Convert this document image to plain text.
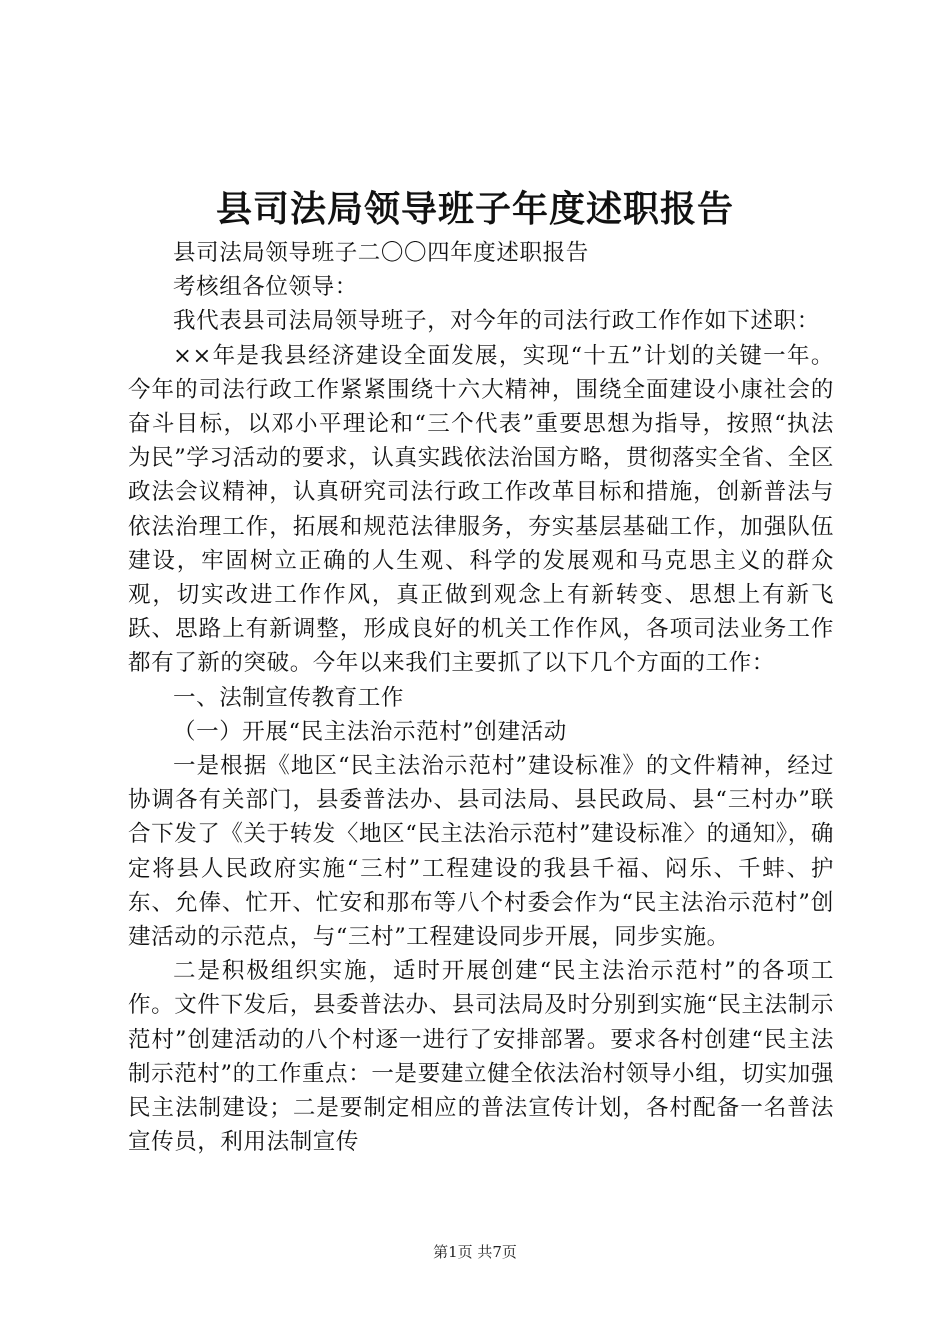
县司法局领导班子年度述职报告

县司法局领导班子二〇〇四年度述职报告

考核组各位领导：

我代表县司法局领导班子，对今年的司法行政工作作如下述职：

××年是我县经济建设全面发展，实现“十五”计划的关键一年。今年的司法行政工作紧紧围绕十六大精神，围绕全面建设小康社会的奋斗目标，以邓小平理论和“三个代表”重要思想为指导，按照“执法为民”学习活动的要求，认真实践依法治国方略，贯彻落实全省、全区政法会议精神，认真研究司法行政工作改革目标和措施，创新普法与依法治理工作，拓展和规范法律服务，夯实基层基础工作，加强队伍建设，牢固树立正确的人生观、科学的发展观和马克思主义的群众观，切实改进工作作风，真正做到观念上有新转变、思想上有新飞跃、思路上有新调整，形成良好的机关工作作风，各项司法业务工作都有了新的突破。今年以来我们主要抓了以下几个方面的工作：

一、法制宣传教育工作

（一）开展“民主法治示范村”创建活动

一是根据《地区“民主法治示范村”建设标准》的文件精神，经过协调各有关部门，县委普法办、县司法局、县民政局、县“三村办”联合下发了《关于转发〈地区“民主法治示范村”建设标准〉的通知》，确定将县人民政府实施“三村”工程建设的我县千福、闷乐、千蚌、护东、允俸、忙开、忙安和那布等八个村委会作为“民主法治示范村”创建活动的示范点，与“三村”工程建设同步开展，同步实施。

二是积极组织实施，适时开展创建“民主法治示范村”的各项工作。文件下发后，县委普法办、县司法局及时分别到实施“民主法制示范村”创建活动的八个村逐一进行了安排部署。要求各村创建“民主法制示范村”的工作重点：一是要建立健全依法治村领导小组，切实加强民主法制建设；二是要制定相应的普法宣传计划，各村配备一名普法宣传员，利用法制宣传

第1页 共7页
